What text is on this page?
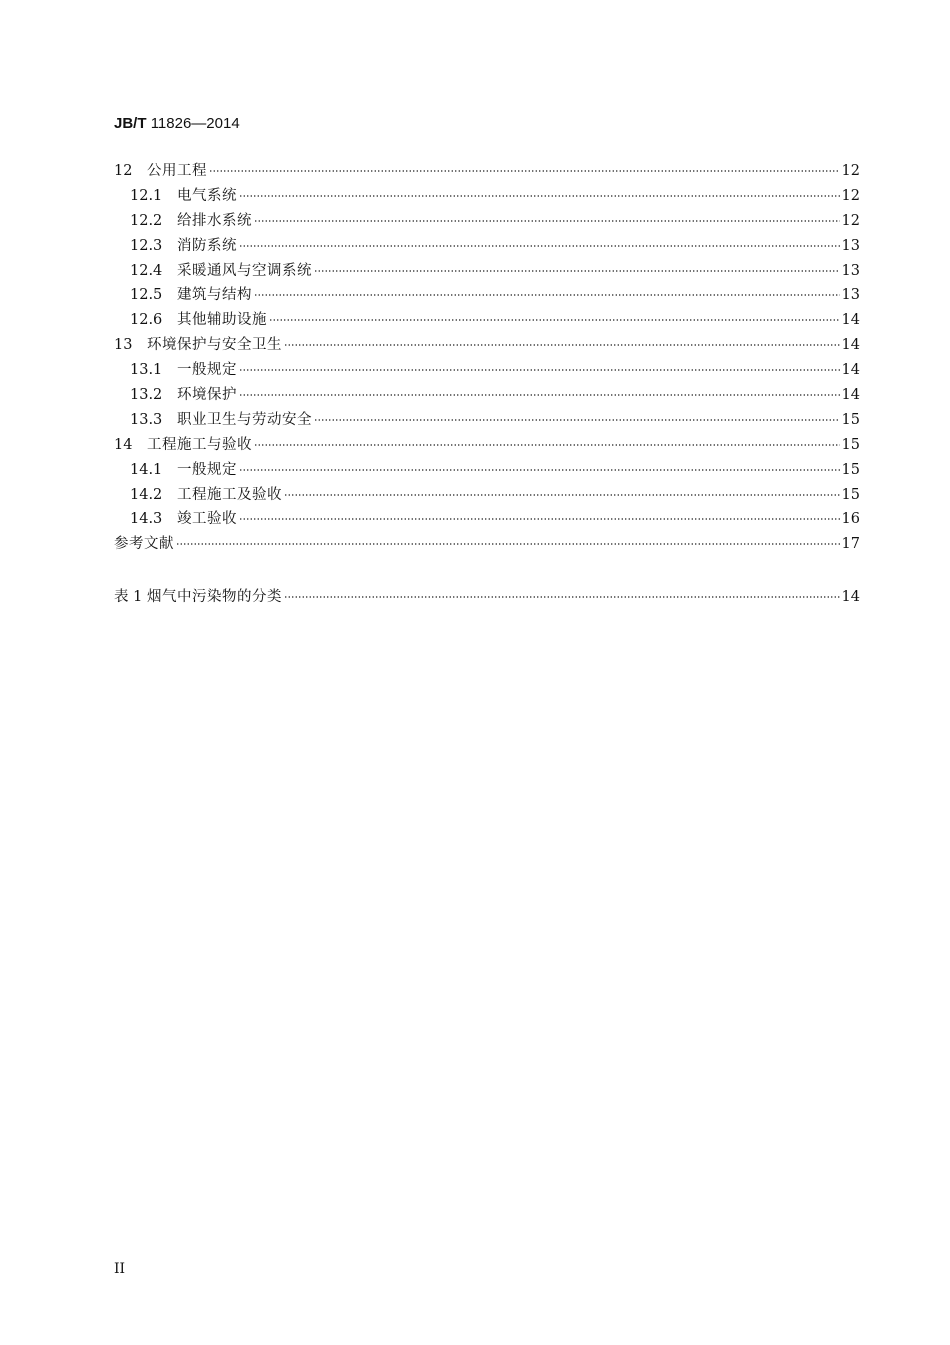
JB/T 11826—2014
12	公用工程	12
12.1	电气系统	12
12.2	给排水系统	12
12.3	消防系统	13
12.4	采暖通风与空调系统	13
12.5	建筑与结构	13
12.6	其他辅助设施	14
13	环境保护与安全卫生	14
13.1	一般规定	14
13.2	环境保护	14
13.3	职业卫生与劳动安全	15
14	工程施工与验收	15
14.1	一般规定	15
14.2	工程施工及验收	15
14.3	竣工验收	16
参考文献	17
表 1 烟气中污染物的分类	14
II
